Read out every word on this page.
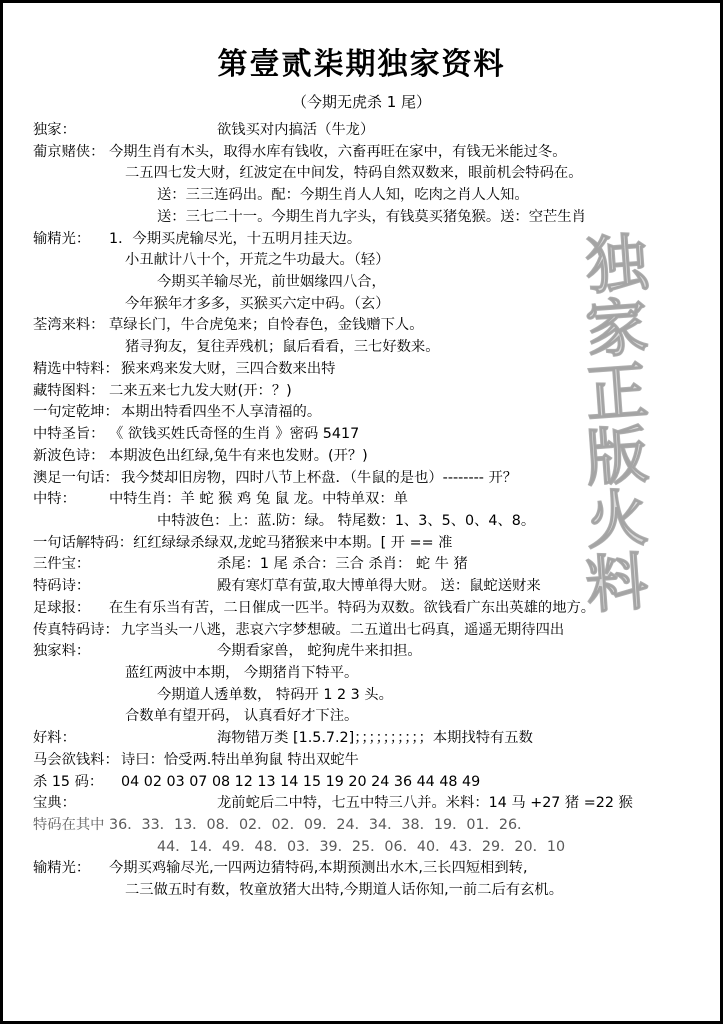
独
家
正
版
火
料
第壹贰柒期独家资料
（今期无虎杀 1 尾）
独家：	欲钱买对内搞活（牛龙）
葡京赌侠： 今期生肖有木头，取得水库有钱收，六畜再旺在家中，有钱无米能过冬。
二五四七发大财，红波定在中间发，特码自然双数来，眼前机会特码在。
送：三三连码出。配：今期生肖人人知，吃肉之肖人人知。
送：三七二十一。今期生肖九字头，有钱莫买猪兔猴。送：空芒生肖
输精光：	1．今期买虎输尽光，十五明月挂天边。
小丑献计八十个，开荒之牛功最大。（轻）
今期买羊输尽光，前世姻缘四八合，
今年猴年才多多，买猴买六定中码。（玄）
荃湾来料： 草绿长门，牛合虎兔来；自怜春色，金钱赠下人。
猪寻狗友，复往弄残机；鼠后看看，三七好数来。
精选中特料： 猴来鸡来发大财，三四合数来出特
藏特图料： 二来五来七九发大财(开：？)
一句定乾坤： 本期出特看四坐不人享清福的。
中特圣旨： 《 欲钱买姓氏奇怪的生肖 》密码 5417
新波色诗： 本期波色出红绿,兔牛有来也发财。(开？)
澳足一句话： 我今焚却旧房物，四时八节上杯盘．（牛鼠的是也）-------- 开？
中特：	中特生肖：羊 蛇 猴 鸡 兔 鼠 龙。中特单双：单
中特波色：上：蓝.防：绿。 特尾数：1、3、5、0、4、8。
一句话解特码： 红红绿绿杀绿双,龙蛇马猪猴来中本期。[ 开 == 准
三件宝：	杀尾：1 尾 杀合：三合 杀肖： 蛇 牛 猪
特码诗：	殿有寒灯草有萤,取大博单得大财。 送：鼠蛇送财来
足球报：	在生有乐当有苦，二日催成一匹半。特码为双数。欲钱看广东出英雄的地方。
传真特码诗： 九字当头一八逃，悲哀六字梦想破。二五道出七码真，遥遥无期待四出
独家料：	今期看家兽， 蛇狗虎牛来扣担。
蓝红两波中本期， 今期猪肖下特平。
今期道人透单数， 特码开 1 2 3 头。
合数单有望开码， 认真看好才下注。
好料：	海物错万类 [1.5.7.2]；；；；；；；；；；本期找特有五数
马会欲钱料： 诗曰：恰受两.特出单狗鼠 特出双蛇牛
杀 15 码：	04 02 03 07 08 12 13 14 15 19 20 24 36 44 48 49
宝典：	龙前蛇后二中特，七五中特三八并。米料：14 马 +27 猪 =22 猴
特码在其中 36．33．13．08．02．02．09．24．34．38．19．01．26．
44．14．49．48．03．39．25．06．40．43．29．20．10
输精光：	今期买鸡输尽光,一四两边猜特码,本期预测出水木,三长四短相到转,
二三做五时有数，牧童放猪大出特,今期道人话你知,一前二后有玄机。
